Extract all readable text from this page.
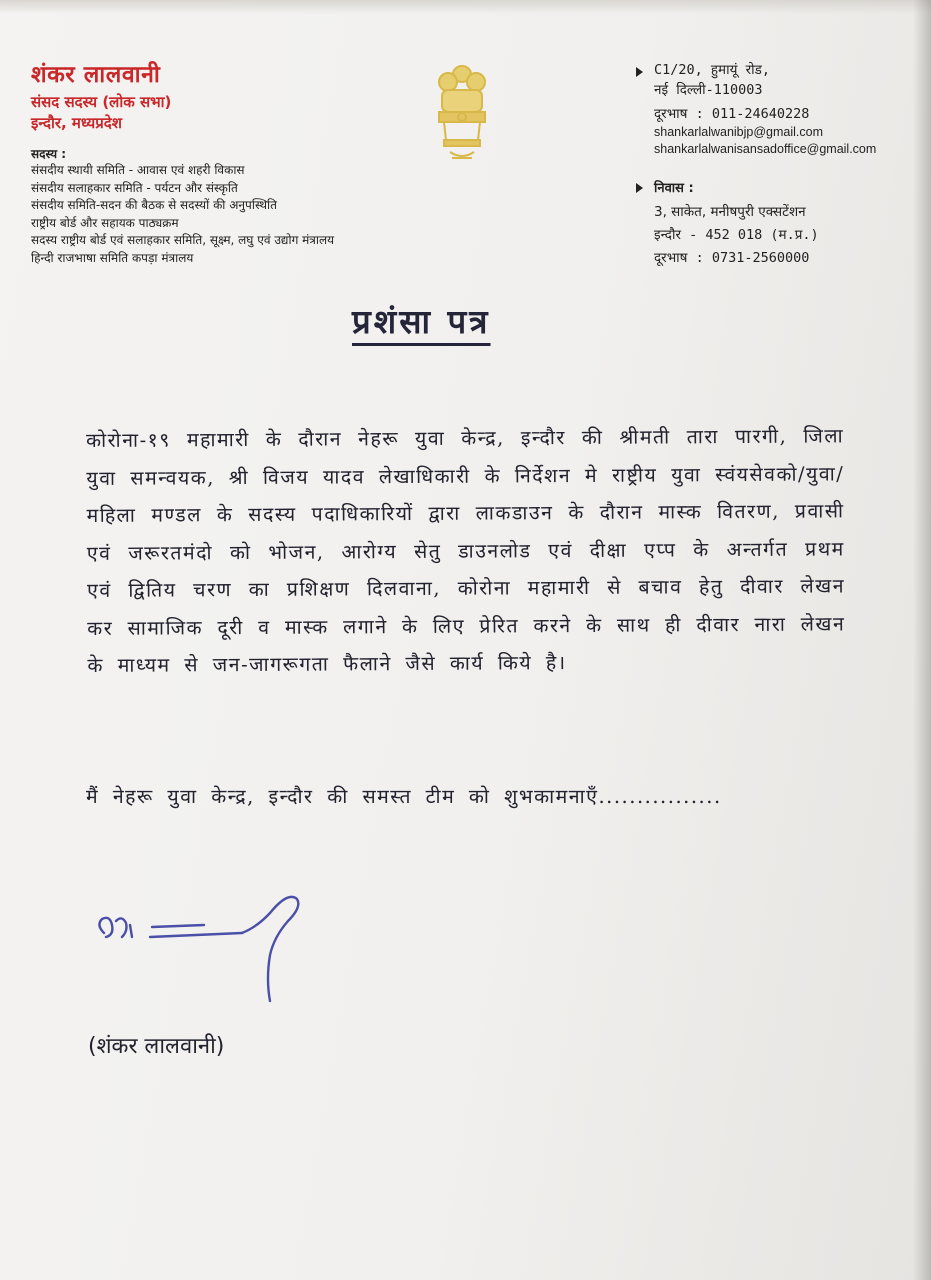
शंकर लालवानी
संसद सदस्य (लोक सभा)
इन्दौर, मध्यप्रदेश
सदस्य :
संसदीय स्थायी समिति - आवास एवं शहरी विकास
संसदीय सलाहकार समिति - पर्यटन और संस्कृति
संसदीय समिति-सदन की बैठक से सदस्यों की अनुपस्थिति
राष्ट्रीय बोर्ड और सहायक पाठ्यक्रम
सदस्य राष्ट्रीय बोर्ड एवं सलाहकार समिति, सूक्ष्म, लघु एवं उद्योग मंत्रालय
हिन्दी राजभाषा समिति कपड़ा मंत्रालय
C1/20, हुमायूं रोड,
नई दिल्ली-110003
दूरभाष : 011-24640228
shankarlalwanibjp@gmail.com
shankarlalwanisansadoffice@gmail.com
निवास :
3, साकेत, मनीषपुरी एक्सटेंशन
इन्दौर - 452 018 (म.प्र.)
दूरभाष : 0731-2560000
प्रशंसा पत्र
कोरोना-१९ महामारी के दौरान नेहरू युवा केन्द्र, इन्दौर की श्रीमती तारा पारगी, जिला युवा समन्वयक, श्री विजय यादव लेखाधिकारी के निर्देशन मे राष्ट्रीय युवा स्वंयसेवको/युवा/महिला मण्डल के सदस्य पदाधिकारियों द्वारा लाकडाउन के दौरान मास्क वितरण, प्रवासी एवं जरूरतमंदो को भोजन, आरोग्य सेतु डाउनलोड एवं दीक्षा एप्प के अन्तर्गत प्रथम एवं द्वितिय चरण का प्रशिक्षण दिलवाना, कोरोना महामारी से बचाव हेतु दीवार लेखन कर सामाजिक दूरी व मास्क लगाने के लिए प्रेरित करने के साथ ही दीवार नारा लेखन के माध्यम से जन-जागरूगता फैलाने जैसे कार्य किये है।
मैं नेहरू युवा केन्द्र, इन्दौर की समस्त टीम को शुभकामनाएँ................
(शंकर लालवानी)
